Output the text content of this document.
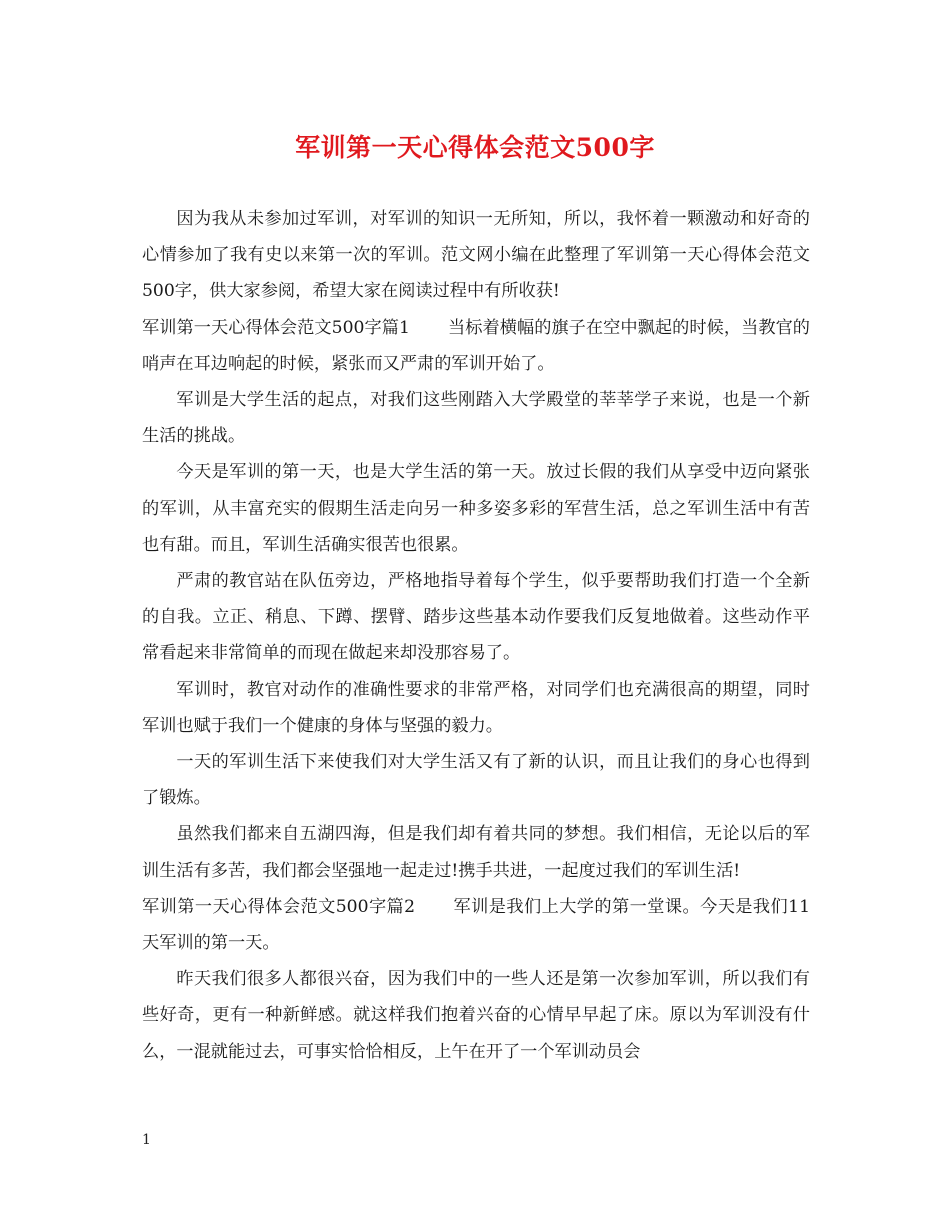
军训第一天心得体会范文500字

因为我从未参加过军训，对军训的知识一无所知，所以，我怀着一颗激动和好奇的心情参加了我有史以来第一次的军训。范文网小编在此整理了军训第一天心得体会范文500字，供大家参阅，希望大家在阅读过程中有所收获!

军训第一天心得体会范文500字篇1 当标着横幅的旗子在空中飘起的时候，当教官的哨声在耳边响起的时候，紧张而又严肃的军训开始了。

军训是大学生活的起点，对我们这些刚踏入大学殿堂的莘莘学子来说，也是一个新生活的挑战。

今天是军训的第一天，也是大学生活的第一天。放过长假的我们从享受中迈向紧张的军训，从丰富充实的假期生活走向另一种多姿多彩的军营生活，总之军训生活中有苦也有甜。而且，军训生活确实很苦也很累。

严肃的教官站在队伍旁边，严格地指导着每个学生，似乎要帮助我们打造一个全新的自我。立正、稍息、下蹲、摆臂、踏步这些基本动作要我们反复地做着。这些动作平常看起来非常简单的而现在做起来却没那容易了。

军训时，教官对动作的准确性要求的非常严格，对同学们也充满很高的期望，同时军训也赋于我们一个健康的身体与坚强的毅力。

一天的军训生活下来使我们对大学生活又有了新的认识，而且让我们的身心也得到了锻炼。

虽然我们都来自五湖四海，但是我们却有着共同的梦想。我们相信，无论以后的军训生活有多苦，我们都会坚强地一起走过!携手共进，一起度过我们的军训生活!

军训第一天心得体会范文500字篇2 军训是我们上大学的第一堂课。今天是我们11天军训的第一天。

昨天我们很多人都很兴奋，因为我们中的一些人还是第一次参加军训，所以我们有些好奇，更有一种新鲜感。就这样我们抱着兴奋的心情早早起了床。原以为军训没有什么，一混就能过去，可事实恰恰相反，上午在开了一个军训动员会

1
